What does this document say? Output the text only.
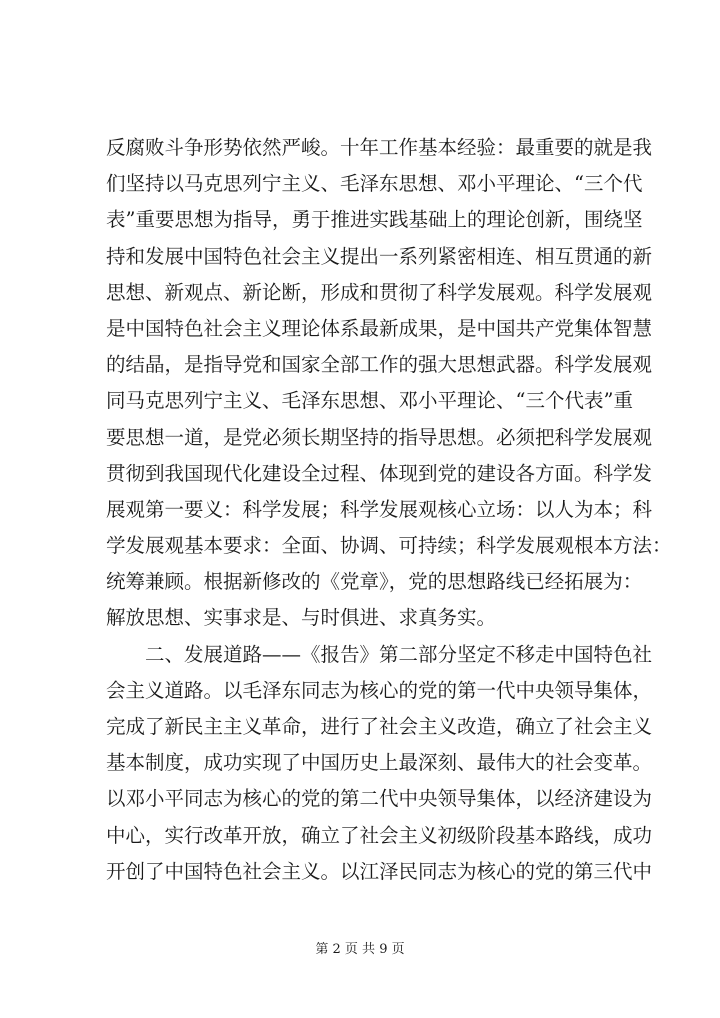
反腐败斗争形势依然严峻。十年工作基本经验：最重要的就是我
们坚持以马克思列宁主义、毛泽东思想、邓小平理论、“三个代
表”重要思想为指导，勇于推进实践基础上的理论创新，围绕坚
持和发展中国特色社会主义提出一系列紧密相连、相互贯通的新
思想、新观点、新论断，形成和贯彻了科学发展观。科学发展观
是中国特色社会主义理论体系最新成果，是中国共产党集体智慧
的结晶，是指导党和国家全部工作的强大思想武器。科学发展观
同马克思列宁主义、毛泽东思想、邓小平理论、“三个代表”重
要思想一道，是党必须长期坚持的指导思想。必须把科学发展观
贯彻到我国现代化建设全过程、体现到党的建设各方面。科学发
展观第一要义：科学发展；科学发展观核心立场：以人为本；科
学发展观基本要求：全面、协调、可持续；科学发展观根本方法：
统筹兼顾。根据新修改的《党章》，党的思想路线已经拓展为：
解放思想、实事求是、与时俱进、求真务实。
二、发展道路——《报告》第二部分坚定不移走中国特色社
会主义道路。以毛泽东同志为核心的党的第一代中央领导集体，
完成了新民主主义革命，进行了社会主义改造，确立了社会主义
基本制度，成功实现了中国历史上最深刻、最伟大的社会变革。
以邓小平同志为核心的党的第二代中央领导集体，以经济建设为
中心，实行改革开放，确立了社会主义初级阶段基本路线，成功
开创了中国特色社会主义。以江泽民同志为核心的党的第三代中
第 2 页 共 9 页
